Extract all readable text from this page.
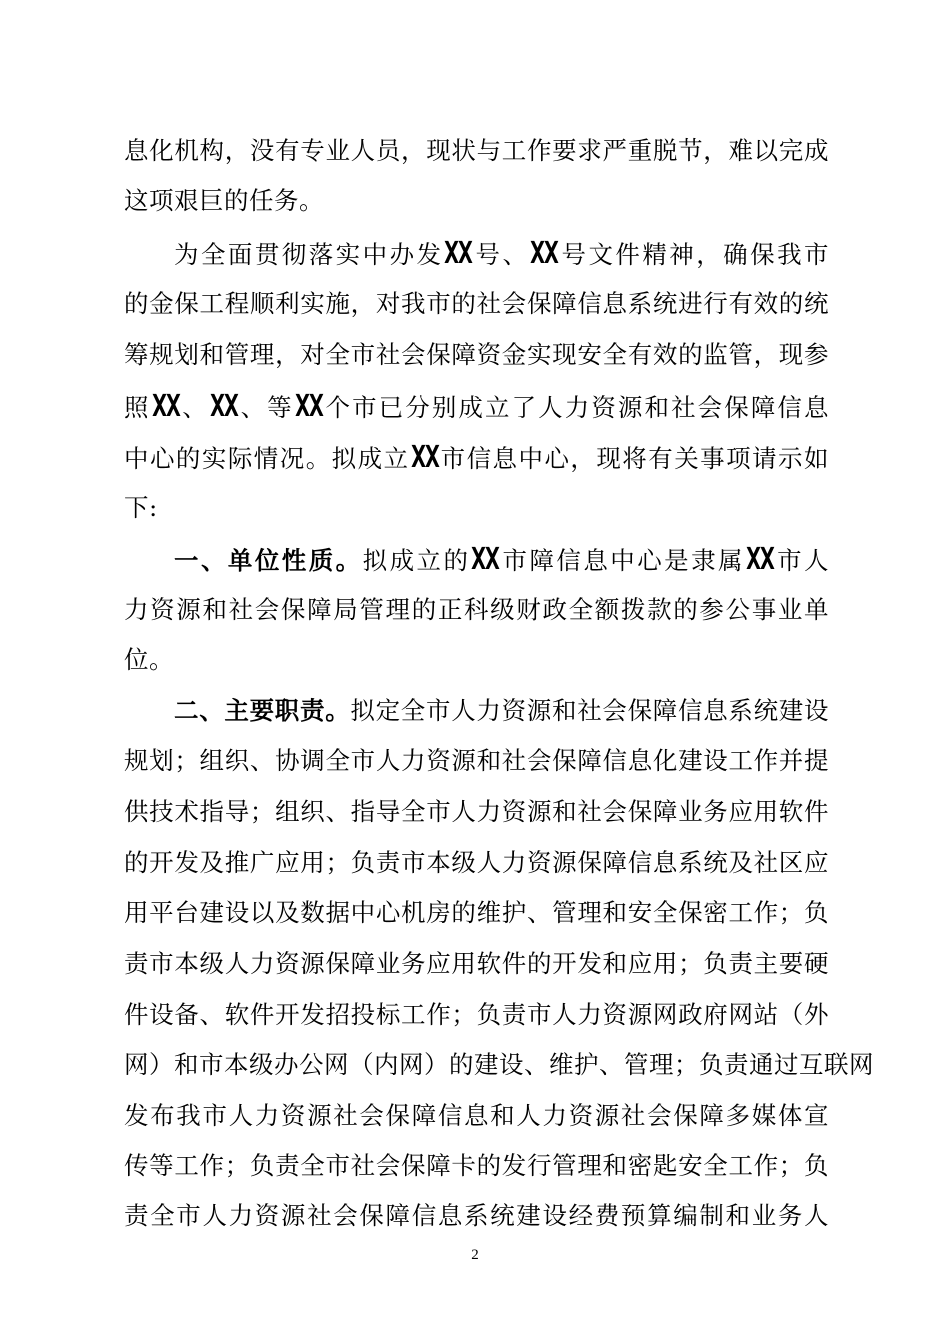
息化机构，没有专业人员，现状与工作要求严重脱节，难以完成
这项艰巨的任务。
为全面贯彻落实中办发XX号、XX号文件精神，确保我市
的金保工程顺利实施，对我市的社会保障信息系统进行有效的统
筹规划和管理，对全市社会保障资金实现安全有效的监管，现参
照XX、XX、等XX个市已分别成立了人力资源和社会保障信息
中心的实际情况。拟成立XX市信息中心，现将有关事项请示如
下:
一、单位性质。拟成立的XX市障信息中心是隶属XX市人
力资源和社会保障局管理的正科级财政全额拨款的参公事业单
位。
二、主要职责。拟定全市人力资源和社会保障信息系统建设
规划；组织、协调全市人力资源和社会保障信息化建设工作并提
供技术指导；组织、指导全市人力资源和社会保障业务应用软件
的开发及推广应用；负责市本级人力资源保障信息系统及社区应
用平台建设以及数据中心机房的维护、管理和安全保密工作；负
责市本级人力资源保障业务应用软件的开发和应用；负责主要硬
件设备、软件开发招投标工作；负责市人力资源网政府网站（外
网）和市本级办公网（内网）的建设、维护、管理；负责通过互联网
发布我市人力资源社会保障信息和人力资源社会保障多媒体宣
传等工作；负责全市社会保障卡的发行管理和密匙安全工作；负
责全市人力资源社会保障信息系统建设经费预算编制和业务人
2
